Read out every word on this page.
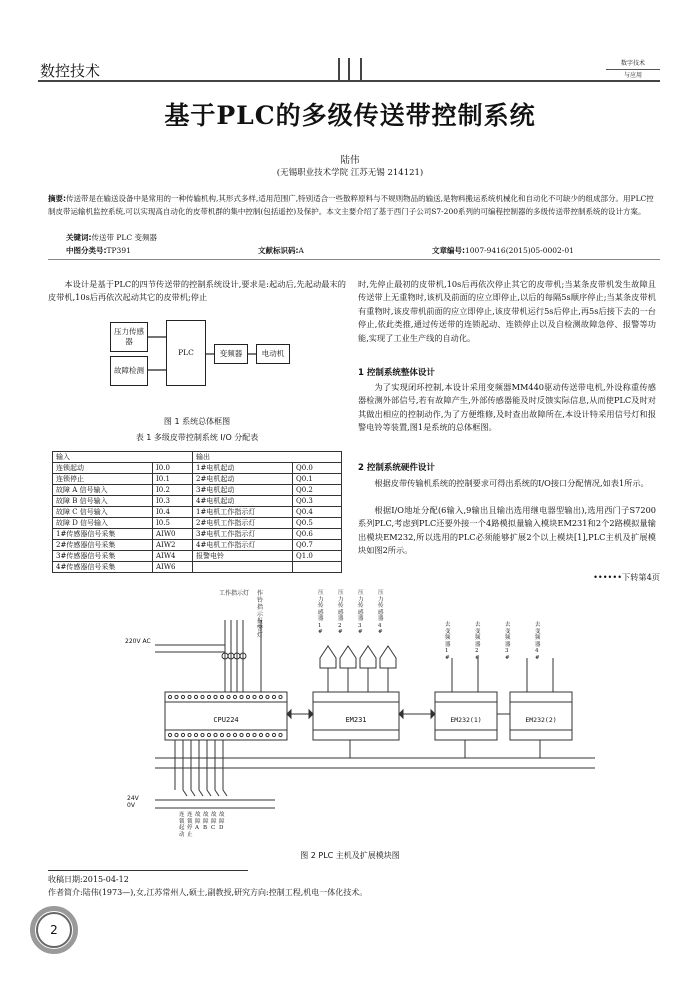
数控技术	数字技术
与应用
基于PLC的多级传送带控制系统
陆伟
(无锡职业技术学院 江苏无锡 214121)
摘要:传送带是在输送设备中是常用的一种传输机构,其形式多样,适用范围广,特别适合一些散粹原料与不规则物品的输送,是物料搬运系统机械化和自动化不可缺少的组成部分。用PLC控制皮带运输机监控系统,可以实现高自动化的皮带机群的集中控制(包括遥控)及保护。本文主要介绍了基于西门子公司S7-200系列的可编程控制器的多级传送带控制系统的设计方案。
关键词:传送带 PLC 变频器
中图分类号:TP391	文献标识码:A	文章编号:1007-9416(2015)05-0002-01
本设计是基于PLC的四节传送带的控制系统设计,要求是:起动后,先起动最末的皮带机,10s后再依次起动其它的皮带机;停止
压力传感器
故障检测
PLC	变频器	电动机
图 1 系统总体框图
表 1 多级皮带控制系统 I/O 分配表
输入		输出	
连锁起动	I0.0	1#电机起动	Q0.0
连锁停止	I0.1	2#电机起动	Q0.1
故障 A 信号输入	I0.2	3#电机起动	Q0.2
故障 B 信号输入	I0.3	4#电机起动	Q0.3
故障 C 信号输入	I0.4	1#电机工作指示灯	Q0.4
故障 D 信号输入	I0.5	2#电机工作指示灯	Q0.5
1#传感器信号采集	AIW0	3#电机工作指示灯	Q0.6
2#传感器信号采集	AIW2	4#电机工作指示灯	Q0.7
3#传感器信号采集	AIW4	报警电铃	Q1.0
4#传感器信号采集	AIW6		
时,先停止最初的皮带机,10s后再依次停止其它的皮带机;当某条皮带机发生故障且传送带上无重物时,该机及前面的应立即停止,以后的每隔5s顺序停止;当某条皮带机有重物时,该皮带机前面的应立即停止,该皮带机运行5s后停止,再5s后接下去的一台停止,依此类推,通过传送带的连锁起动、连锁停止以及自检测故障急停、报警等功能,实现了工业生产线的自动化。
1 控制系统整体设计
为了实现闭环控制,本设计采用变频器MM440驱动传送带电机,外设称重传感器检测外部信号,若有故障产生,外部传感器能及时反馈实际信息,从而使PLC及时对其做出相应的控制动作,为了方便维修,及时查出故障所在,本设计特采用信号灯和报警电铃等装置,图1是系统的总体框图。
2 控制系统硬件设计
根据皮带传输机系统的控制要求可得出系统的I/O接口分配情况,如表1所示。
根据I/O地址分配(6输入,9输出且输出选用继电器型输出),选用西门子S7200系列PLC,考虑到PLC还要外接一个4路模拟量输入模块EM231和2个2路模拟量输出模块EM232,所以选用的PLC必须能够扩展2个以上模块[1],PLC主机及扩展模块如图2所示。
••••••下转第4页
220V AC
24V 0V
工 作 指 示 灯	作铃指示报警灯
压力传感器 1#
压力传感器 2#
压力传感器 3#
压力传感器 4#
去变频器 1#
去变频器 2#
去变频器 3#
去变频器 4#
CPU224	EM231	EM232(1)	EM232(2)
连锁起动
连锁停止
故障A
故障B
故障C
故障D
图 2 PLC 主机及扩展模块图
收稿日期:2015-04-12
作者简介:陆伟(1973—),女,江苏常州人,硕士,副教授,研究方向:控制工程,机电一体化技术。
2
